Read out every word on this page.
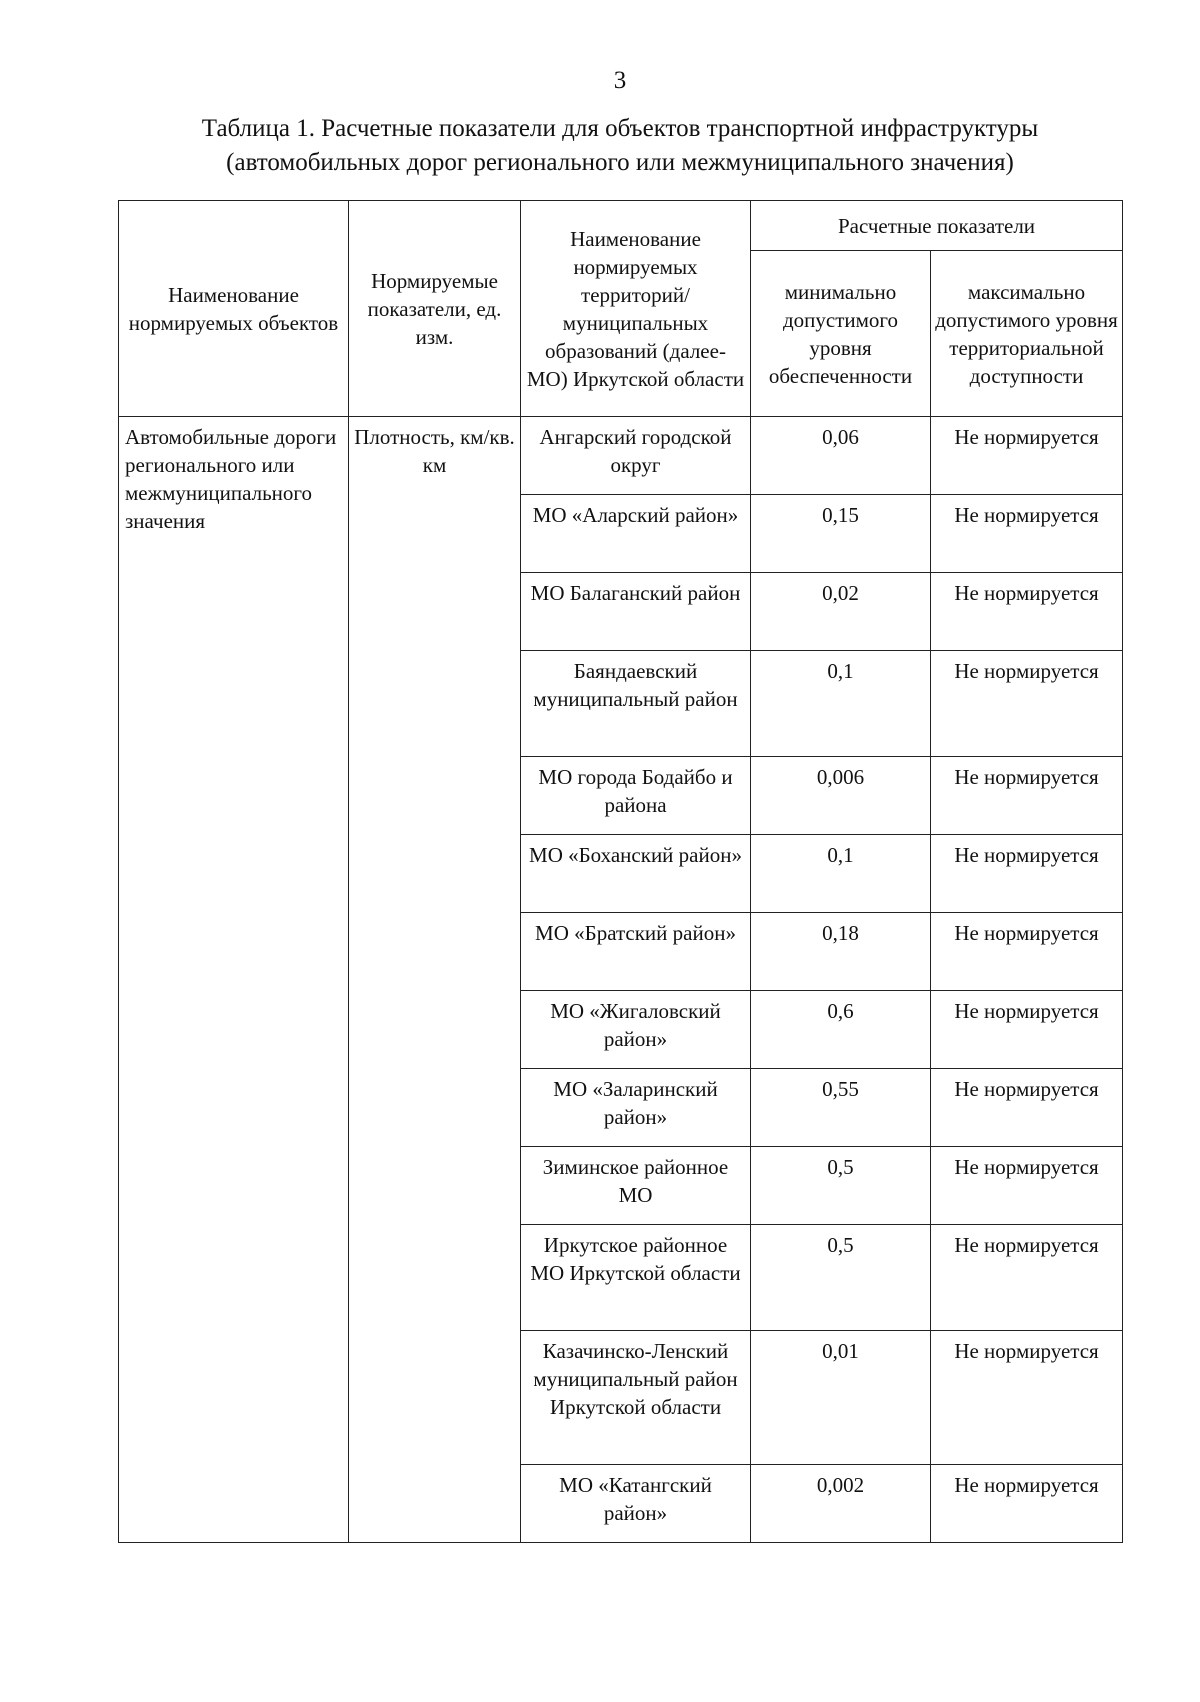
3
Таблица 1. Расчетные показатели для объектов транспортной инфраструктуры
(автомобильных дорог регионального или межмуниципального значения)
Наименование нормируемых объектов	Нормируемые показатели, ед. изм.	Наименование нормируемых территорий/ муниципальных образований (далее-МО) Иркутской области	Расчетные показатели	
			минимально допустимого уровня обеспеченности	максимально допустимого уровня территориальной доступности
Автомобильные дороги регионального или межмуниципального значения	Плотность, км/кв. км	Ангарский городской округ	0,06	Не нормируется
		МО «Аларский район»	0,15	Не нормируется
		МО Балаганский район	0,02	Не нормируется
		Баяндаевский муниципальный район	0,1	Не нормируется
		МО города Бодайбо и района	0,006	Не нормируется
		МО «Боханский район»	0,1	Не нормируется
		МО «Братский район»	0,18	Не нормируется
		МО «Жигаловский район»	0,6	Не нормируется
		МО «Заларинский район»	0,55	Не нормируется
		Зиминское районное МО	0,5	Не нормируется
		Иркутское районное МО Иркутской области	0,5	Не нормируется
		Казачинско-Ленский муниципальный район Иркутской области	0,01	Не нормируется
		МО «Катангский район»	0,002	Не нормируется
